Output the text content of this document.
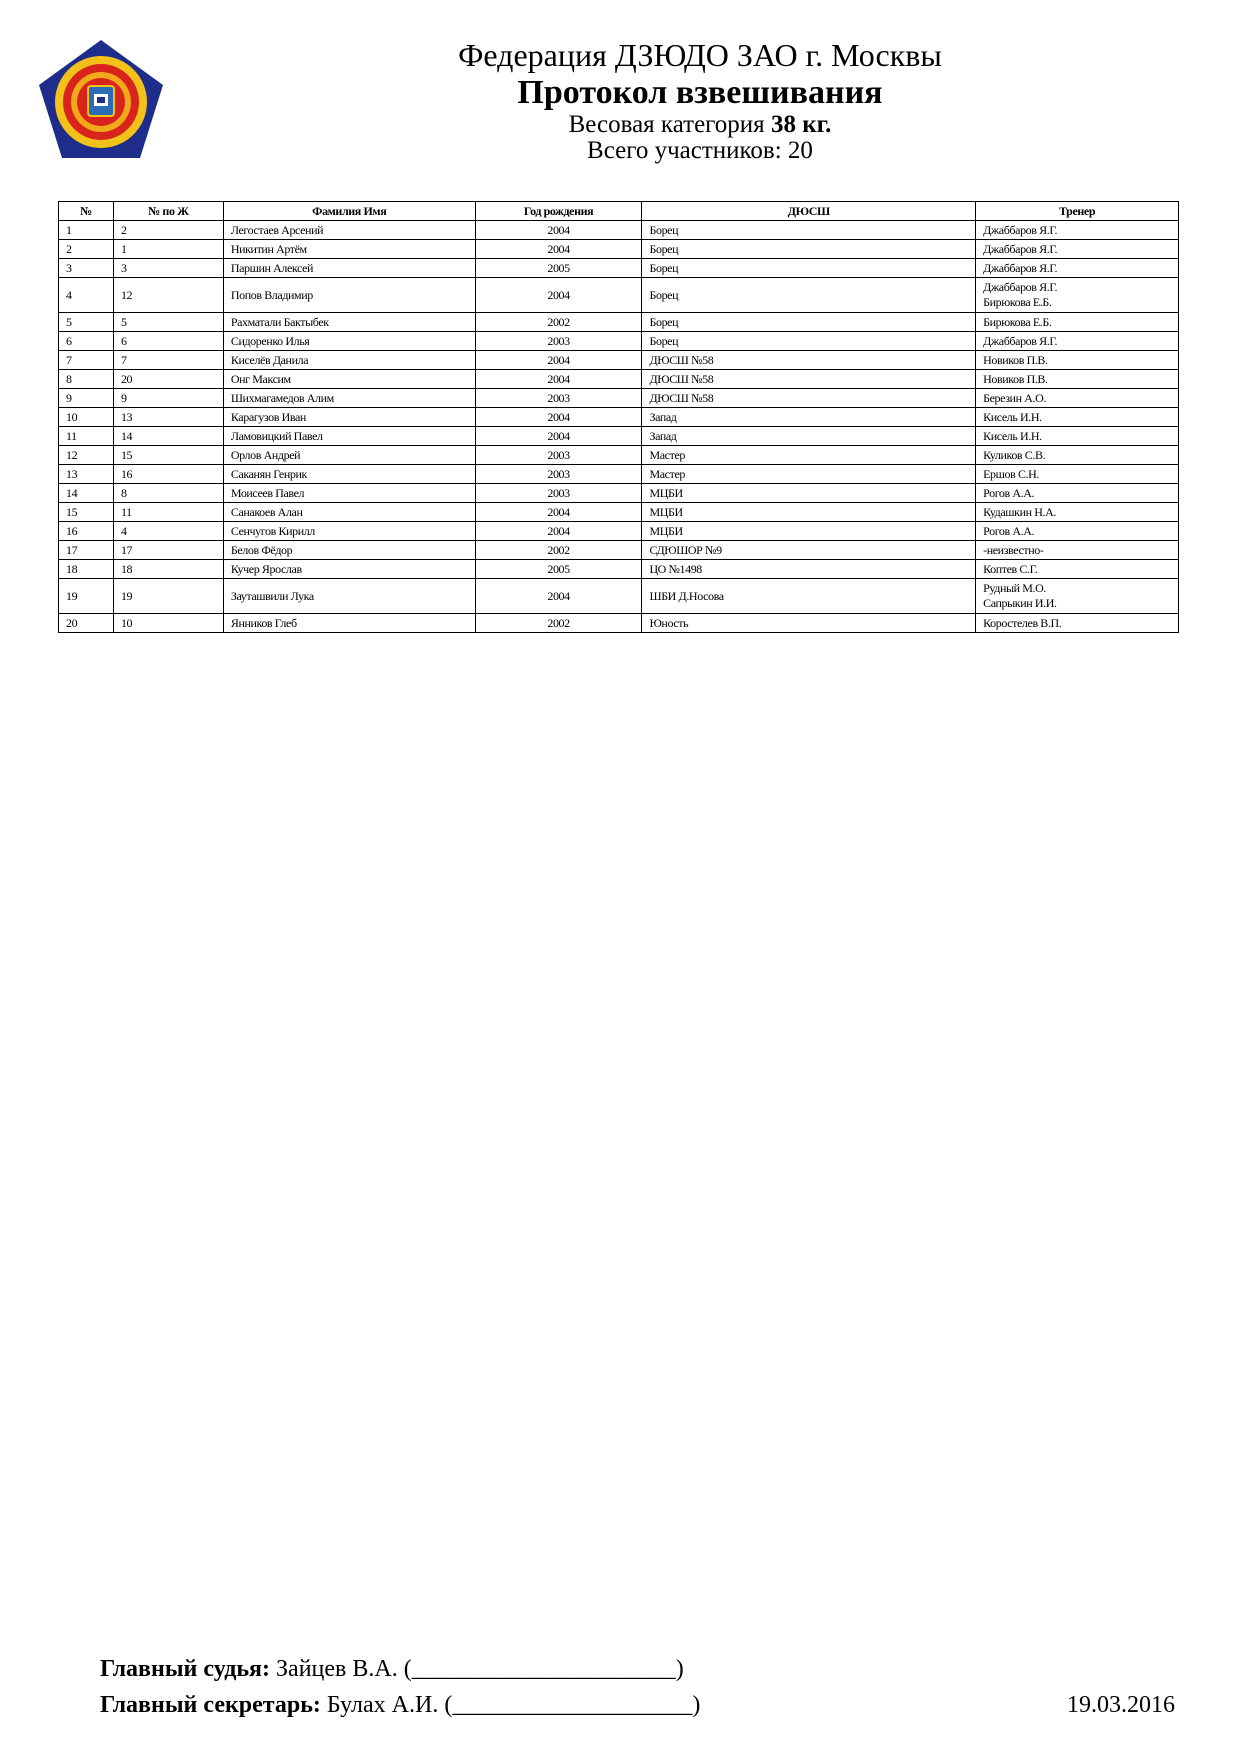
Федерация ДЗЮДО ЗАО г. Москвы
Протокол взвешивания
Весовая категория 38 кг.
Всего участников: 20
№	№ по Ж	Фамилия Имя	Год рождения	ДЮСШ	Тренер
1	2	Легостаев Арсений	2004	Борец	Джаббаров Я.Г.

2	1	Никитин Артём	2004	Борец	Джаббаров Я.Г.

3	3	Паршин Алексей	2005	Борец	Джаббаров Я.Г.

4	12	Попов Владимир	2004	Борец	Джаббаров Я.Г.
Бирюкова Е.Б.

5	5	Рахматали Бактыбек	2002	Борец	Бирюкова Е.Б.

6	6	Сидоренко Илья	2003	Борец	Джаббаров Я.Г.

7	7	Киселёв Данила	2004	ДЮСШ №58	Новиков П.В.

8	20	Онг Максим	2004	ДЮСШ №58	Новиков П.В.

9	9	Шихмагамедов Алим	2003	ДЮСШ №58	Березин А.О.

10	13	Карагузов Иван	2004	Запад	Кисель И.Н.

11	14	Ламовицкий Павел	2004	Запад	Кисель И.Н.

12	15	Орлов Андрей	2003	Мастер	Куликов С.В.

13	16	Саканян Генрик	2003	Мастер	Ершов С.Н.

14	8	Моисеев Павел	2003	МЦБИ	Рогов А.А.

15	11	Санакоев Алан	2004	МЦБИ	Кудашкин Н.А.

16	4	Сенчугов Кирилл	2004	МЦБИ	Рогов А.А.

17	17	Белов Фёдор	2002	СДЮШОР №9	-неизвестно-

18	18	Кучер Ярослав	2005	ЦО №1498	Коптев С.Г.

19	19	Зауташвили Лука	2004	ШБИ Д.Носова	Рудный М.О.
Сапрыкин И.И.

20	10	Янников Глеб	2002	Юность	Коростелев В.П.
Главный судья: Зайцев В.А. (______________________)
Главный секретарь: Булах А.И. (____________________)	19.03.2016
